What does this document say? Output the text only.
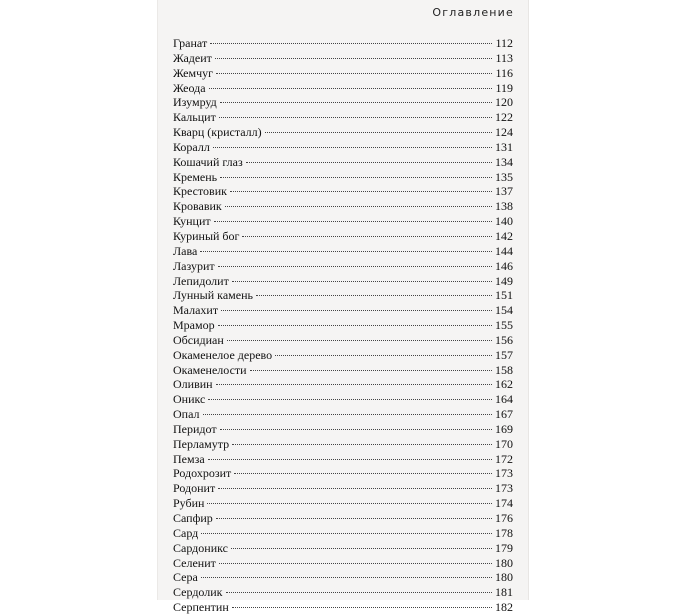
Оглавление
Гранат	112
Жадеит	113
Жемчуг	116
Жеода	119
Изумруд	120
Кальцит	122
Кварц (кристалл)	124
Коралл	131
Кошачий глаз	134
Кремень	135
Крестовик	137
Кровавик	138
Кунцит	140
Куриный бог	142
Лава	144
Лазурит	146
Лепидолит	149
Лунный камень	151
Малахит	154
Мрамор	155
Обсидиан	156
Окаменелое дерево	157
Окаменелости	158
Оливин	162
Оникс	164
Опал	167
Перидот	169
Перламутр	170
Пемза	172
Родохрозит	173
Родонит	173
Рубин	174
Сапфир	176
Сард	178
Сардоникс	179
Селенит	180
Сера	180
Сердолик	181
Серпентин	182
